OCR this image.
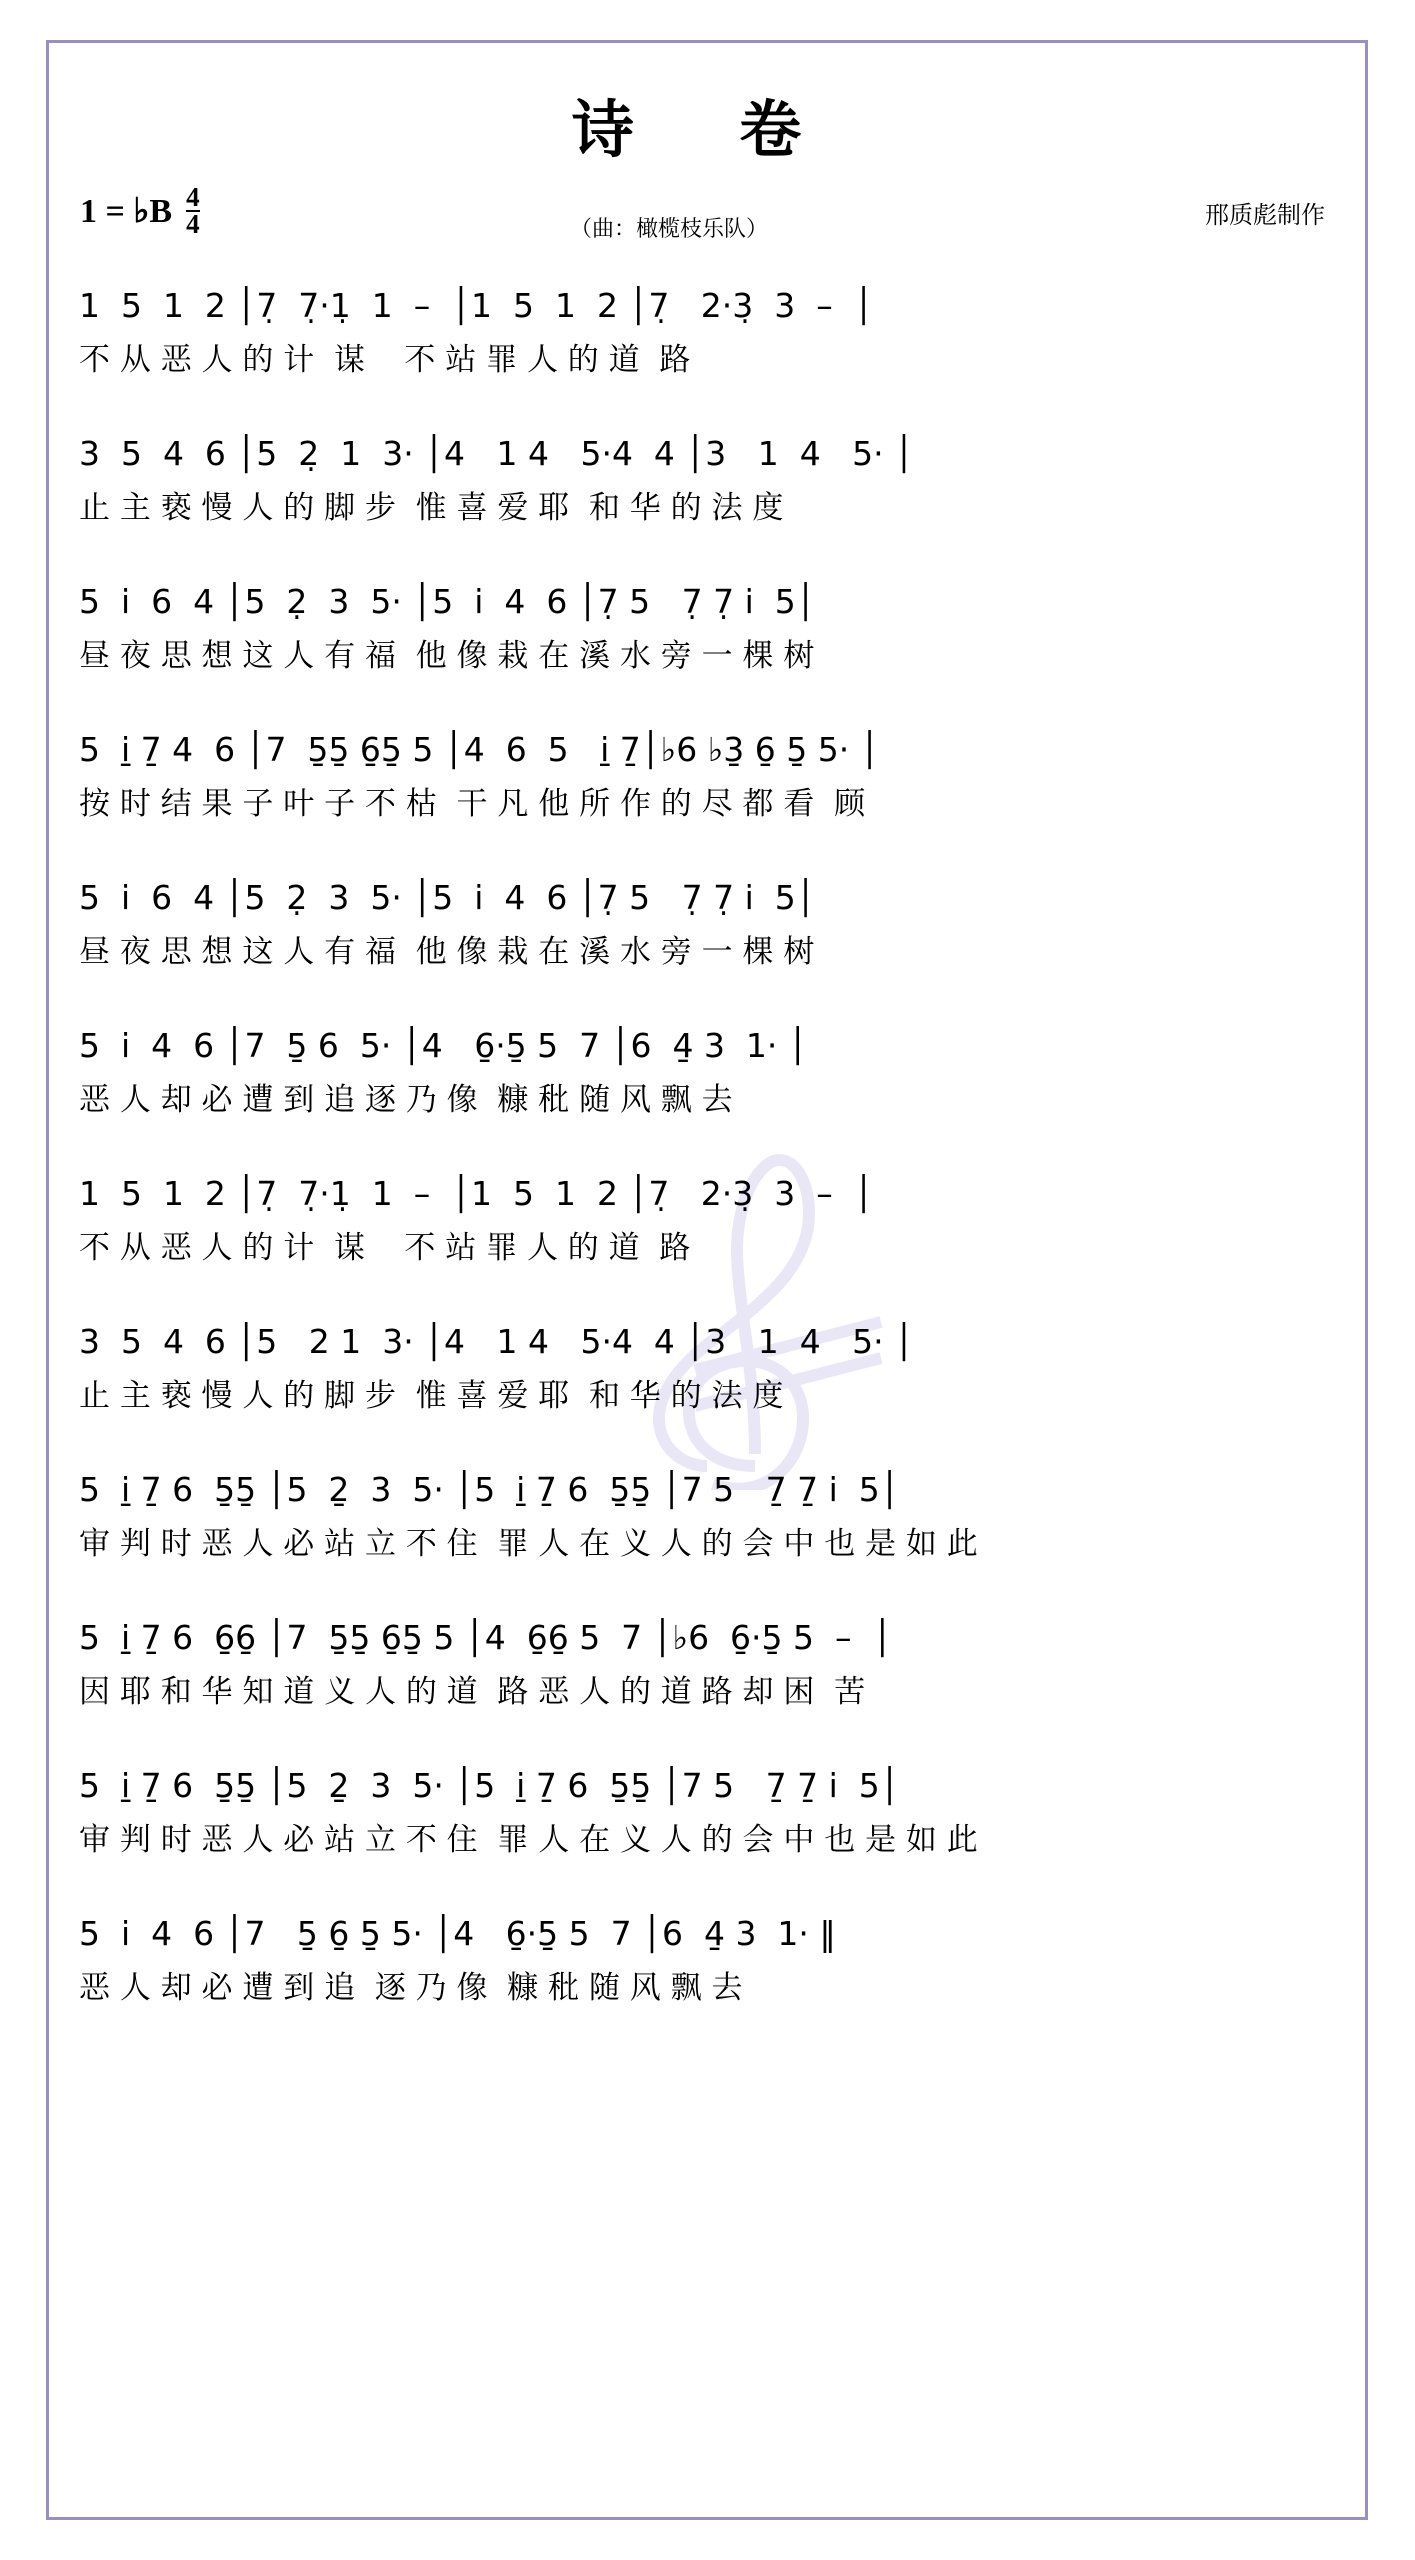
诗 卷
1 = ♭B $\frac{4}{4}$	（曲：橄榄枝乐队）
邢质彪制作
1  5  1  2 │7̣  7̣·1̣  1  –  │1  5  1  2 │7̣   2·3̣  3  –  │
不 从 恶 人 的 计  谋    不 站 罪 人 的 道  路
3  5  4  6 │5  2̣  1  3· │4   1 4   5·4  4 │3   1  4   5· │
止 主 亵 慢 人 的 脚 步  惟 喜 爱 耶  和 华 的 法 度
5  i  6  4 │5  2̣  3  5· │5  i  4  6 │7̣ 5   7̣ 7̣ i  5│
昼 夜 思 想 这 人 有 福  他 像 栽 在 溪 水 旁 一 棵 树
5  i̱ 7̱ 4  6 │7  5̱5̱ 6̱5̱ 5 │4  6  5   i̱ 7̱│♭6 ♭3̱ 6̱ 5̱ 5· │
按 时 结 果 子 叶 子 不 枯  干 凡 他 所 作 的 尽 都 看  顾
5  i  6  4 │5  2̣  3  5· │5  i  4  6 │7̣ 5   7̣ 7̣ i  5│
昼 夜 思 想 这 人 有 福  他 像 栽 在 溪 水 旁 一 棵 树
5  i  4  6 │7  5̱ 6  5· │4   6̱·5̱ 5  7 │6  4̱ 3  1· │
恶 人 却 必 遭 到 追 逐 乃 像  糠 秕 随 风 飘 去
1  5  1  2 │7̣  7̣·1̣  1  –  │1  5  1  2 │7̣   2·3̣  3  –  │
不 从 恶 人 的 计  谋    不 站 罪 人 的 道  路
3  5  4  6 │5   2 1  3· │4   1 4   5·4  4 │3   1  4   5· │
止 主 亵 慢 人 的 脚 步  惟 喜 爱 耶  和 华 的 法 度
5  i̱ 7̱ 6  5̱5̱ │5  2̱  3  5· │5  i̱ 7̱ 6  5̱5̱ │7 5   7̱ 7̱ i  5│
审 判 时 恶 人 必 站 立 不 住  罪 人 在 义 人 的 会 中 也 是 如 此
5  i̱ 7̱ 6  6̱6̱ │7  5̱5̱ 6̱5̱ 5 │4  6̱6̱ 5  7 │♭6  6̱·5̱ 5  –  │
因 耶 和 华 知 道 义 人 的 道  路 恶 人 的 道 路 却 困  苦
5  i̱ 7̱ 6  5̱5̱ │5  2̱  3  5· │5  i̱ 7̱ 6  5̱5̱ │7 5   7̱ 7̱ i  5│
审 判 时 恶 人 必 站 立 不 住  罪 人 在 义 人 的 会 中 也 是 如 此
5  i  4  6 │7   5̱ 6̱ 5̱ 5· │4   6̱·5̱ 5  7 │6  4̱ 3  1· ‖
恶 人 却 必 遭 到 追  逐 乃 像  糠 秕 随 风 飘 去
